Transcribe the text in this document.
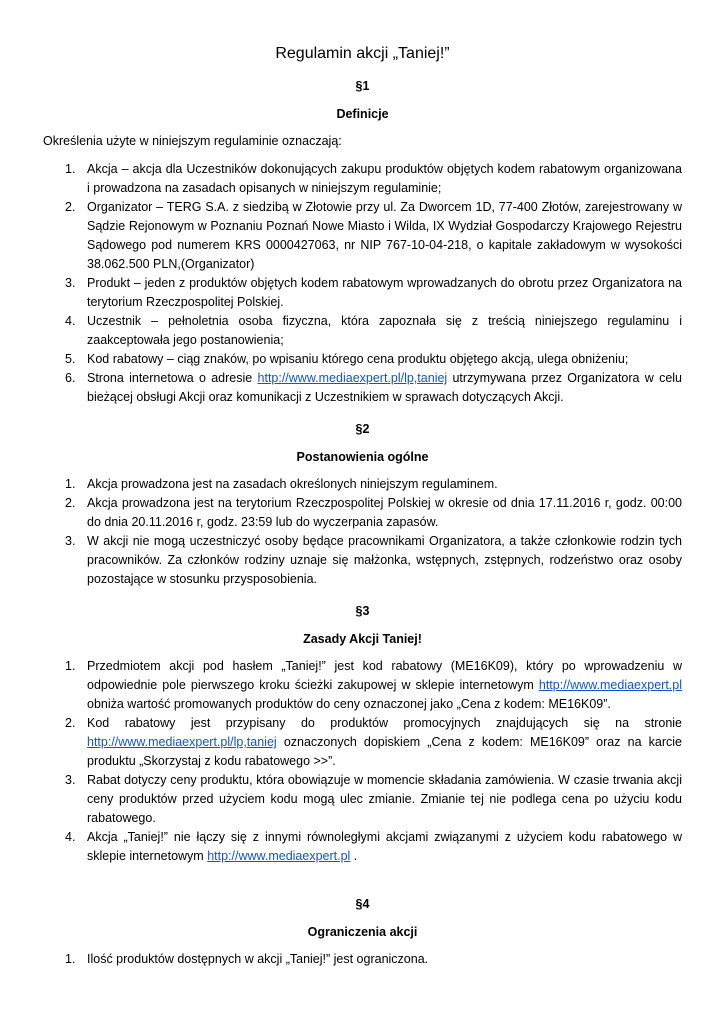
Regulamin akcji „Taniej!”
§1
Definicje
Określenia użyte w niniejszym regulaminie oznaczają:
1. Akcja – akcja dla Uczestników dokonujących zakupu produktów objętych kodem rabatowym organizowana i prowadzona na zasadach opisanych w niniejszym regulaminie;
2. Organizator – TERG S.A. z siedzibą w Złotowie przy ul. Za Dworcem 1D, 77-400 Złotów, zarejestrowany w Sądzie Rejonowym w Poznaniu Poznań Nowe Miasto i Wilda, IX Wydział Gospodarczy Krajowego Rejestru Sądowego pod numerem KRS 0000427063, nr NIP 767-10-04-218, o kapitale zakładowym w wysokości 38.062.500 PLN,(Organizator)
3. Produkt – jeden z produktów objętych kodem rabatowym wprowadzanych do obrotu przez Organizatora na terytorium Rzeczpospolitej Polskiej.
4. Uczestnik – pełnoletnia osoba fizyczna, która zapoznała się z treścią niniejszego regulaminu i zaakceptowała jego postanowienia;
5. Kod rabatowy – ciąg znaków, po wpisaniu którego cena produktu objętego akcją, ulega obniżeniu;
6. Strona internetowa o adresie http://www.mediaexpert.pl/lp,taniej utrzymywana przez Organizatora w celu bieżącej obsługi Akcji oraz komunikacji z Uczestnikiem w sprawach dotyczących Akcji.
§2
Postanowienia ogólne
1. Akcja prowadzona jest na zasadach określonych niniejszym regulaminem.
2. Akcja prowadzona jest na terytorium Rzeczpospolitej Polskiej w okresie od dnia 17.11.2016 r, godz. 00:00 do dnia 20.11.2016 r, godz. 23:59 lub do wyczerpania zapasów.
3. W akcji nie mogą uczestniczyć osoby będące pracownikami Organizatora, a także członkowie rodzin tych pracowników. Za członków rodziny uznaje się małżonka, wstępnych, zstępnych, rodzeństwo oraz osoby pozostające w stosunku przysposobienia.
§3
Zasady Akcji Taniej!
1. Przedmiotem akcji pod hasłem „Taniej!” jest kod rabatowy (ME16K09), który po wprowadzeniu w odpowiednie pole pierwszego kroku ścieżki zakupowej w sklepie internetowym http://www.mediaexpert.pl obniża wartość promowanych produktów do ceny oznaczonej jako „Cena z kodem: ME16K09”.
2. Kod rabatowy jest przypisany do produktów promocyjnych znajdujących się na stronie http://www.mediaexpert.pl/lp,taniej oznaczonych dopiskiem „Cena z kodem: ME16K09” oraz na karcie produktu „Skorzystaj z kodu rabatowego >>”.
3. Rabat dotyczy ceny produktu, która obowiązuje w momencie składania zamówienia. W czasie trwania akcji ceny produktów przed użyciem kodu mogą ulec zmianie. Zmianie tej nie podlega cena po użyciu kodu rabatowego.
4. Akcja „Taniej!” nie łączy się z innymi równoległymi akcjami związanymi z użyciem kodu rabatowego w sklepie internetowym http://www.mediaexpert.pl .
§4
Ograniczenia akcji
1. Ilość produktów dostępnych w akcji „Taniej!” jest ograniczona.
